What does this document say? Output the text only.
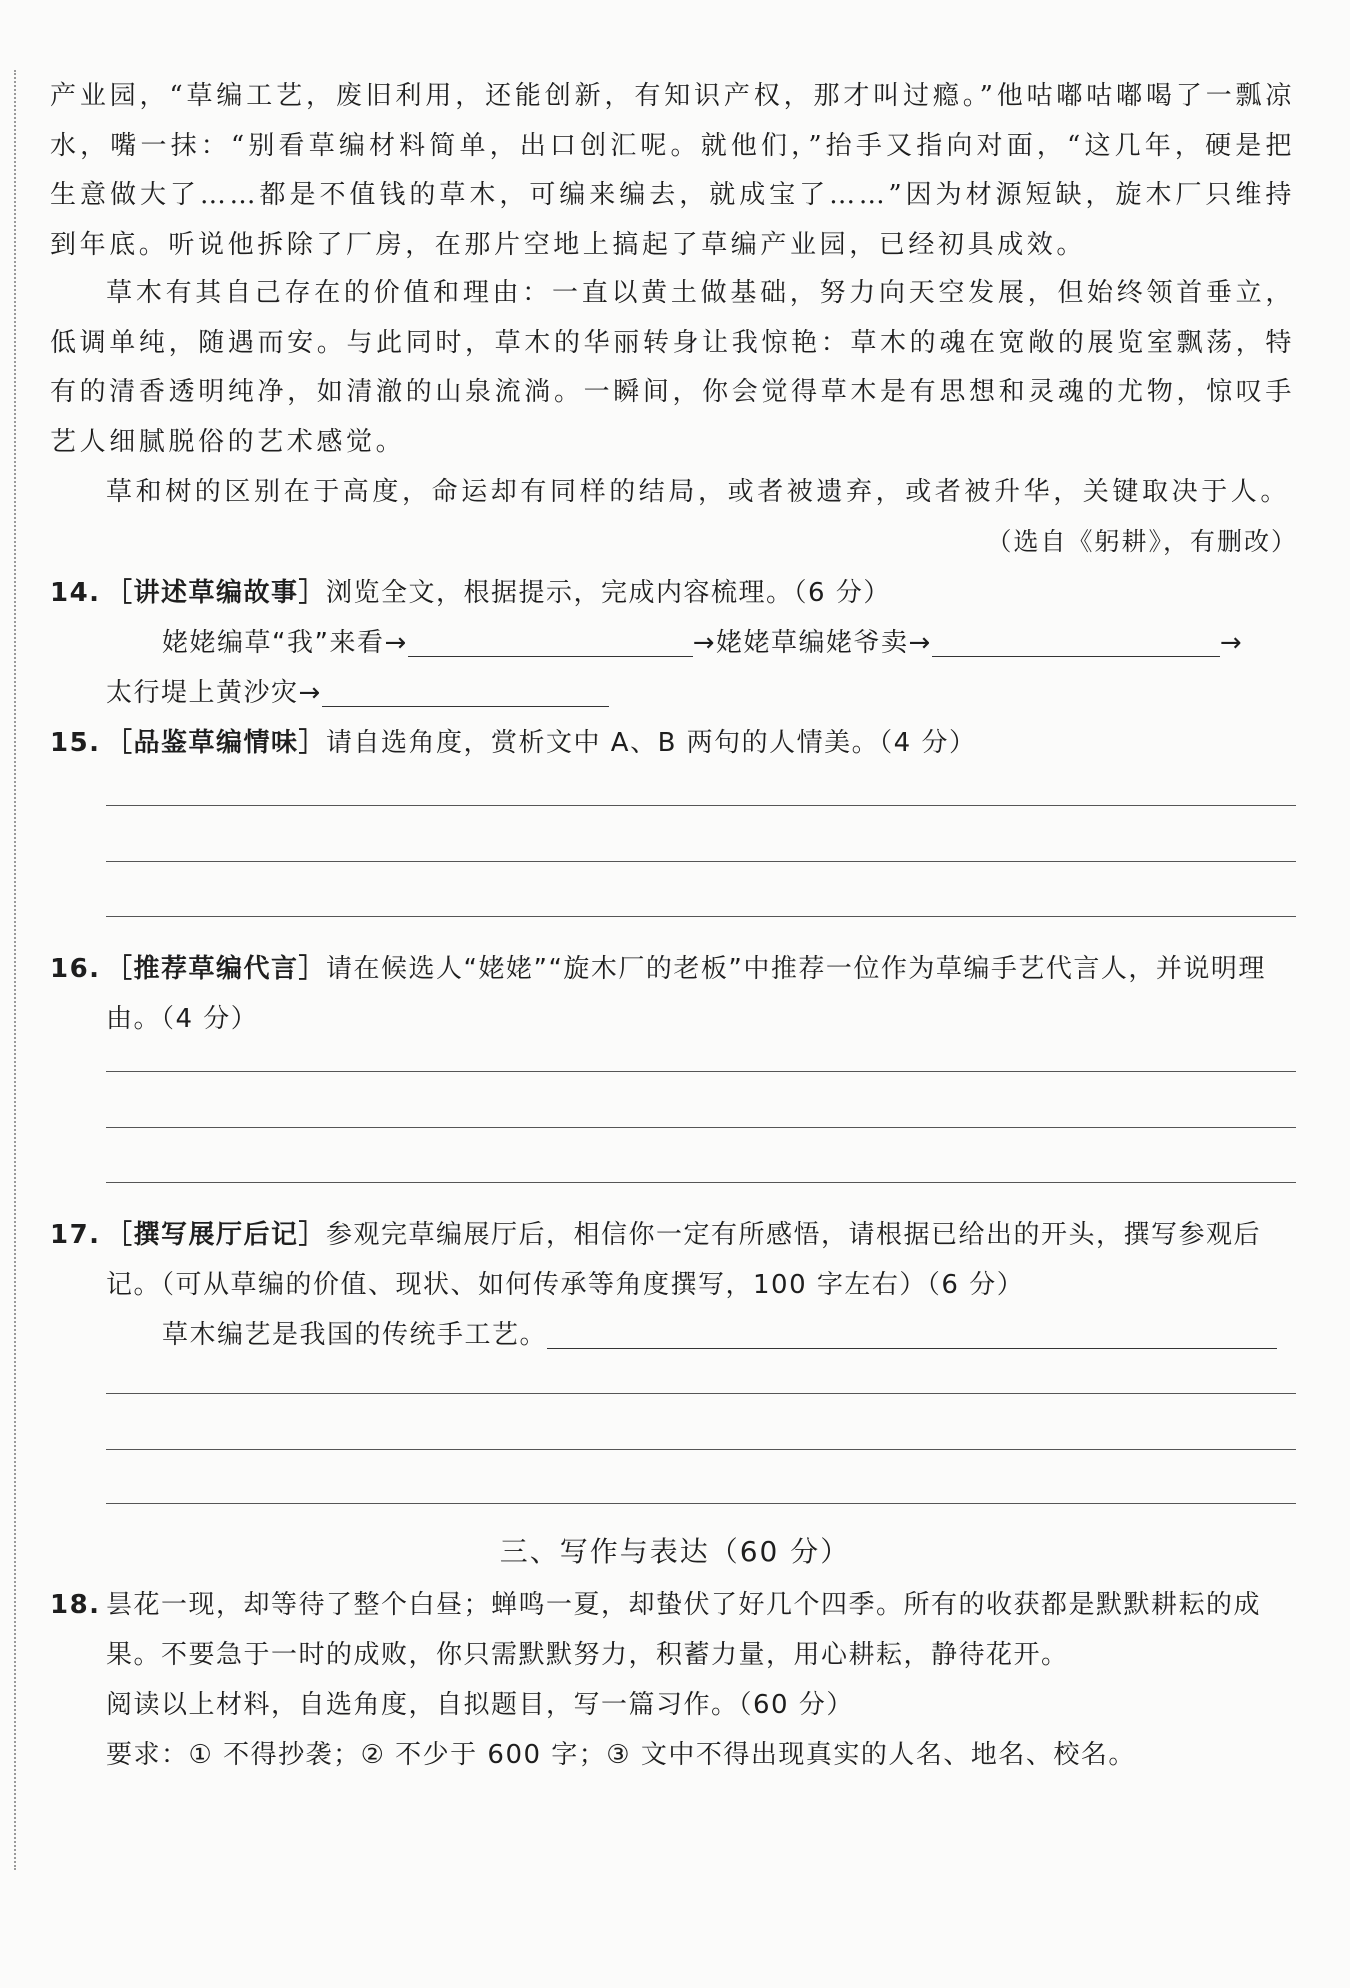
产业园，“草编工艺，废旧利用，还能创新，有知识产权，那才叫过瘾。”他咕嘟咕嘟喝了一瓢凉水，嘴一抹：“别看草编材料简单，出口创汇呢。就他们，”抬手又指向对面，“这几年，硬是把生意做大了……都是不值钱的草木，可编来编去，就成宝了……”因为材源短缺，旋木厂只维持到年底。听说他拆除了厂房，在那片空地上搞起了草编产业园，已经初具成效。

草木有其自己存在的价值和理由：一直以黄土做基础，努力向天空发展，但始终领首垂立，低调单纯，随遇而安。与此同时，草木的华丽转身让我惊艳：草木的魂在宽敞的展览室飘荡，特有的清香透明纯净，如清澈的山泉流淌。一瞬间，你会觉得草木是有思想和灵魂的尤物，惊叹手艺人细腻脱俗的艺术感觉。

草和树的区别在于高度，命运却有同样的结局，或者被遗弃，或者被升华，关键取决于人。

（选自《躬耕》，有删改）

14. ［讲述草编故事］浏览全文，根据提示，完成内容梳理。（6 分）
姥姥编草“我”来看→	→姥姥草编姥爷卖→	→
太行堤上黄沙灾→
15. ［品鉴草编情味］请自选角度，赏析文中 A、B 两句的人情美。（4 分）
16. ［推荐草编代言］请在候选人“姥姥”“旋木厂的老板”中推荐一位作为草编手艺代言人，并说明理
由。（4 分）
17. ［撰写展厅后记］参观完草编展厅后，相信你一定有所感悟，请根据已给出的开头，撰写参观后
记。（可从草编的价值、现状、如何传承等角度撰写，100 字左右）（6 分）
草木编艺是我国的传统手工艺。
三、写作与表达（60 分）
18. 昙花一现，却等待了整个白昼；蝉鸣一夏，却蛰伏了好几个四季。所有的收获都是默默耕耘的成
果。不要急于一时的成败，你只需默默努力，积蓄力量，用心耕耘，静待花开。
阅读以上材料，自选角度，自拟题目，写一篇习作。（60 分）
要求：① 不得抄袭；② 不少于 600 字；③ 文中不得出现真实的人名、地名、校名。
